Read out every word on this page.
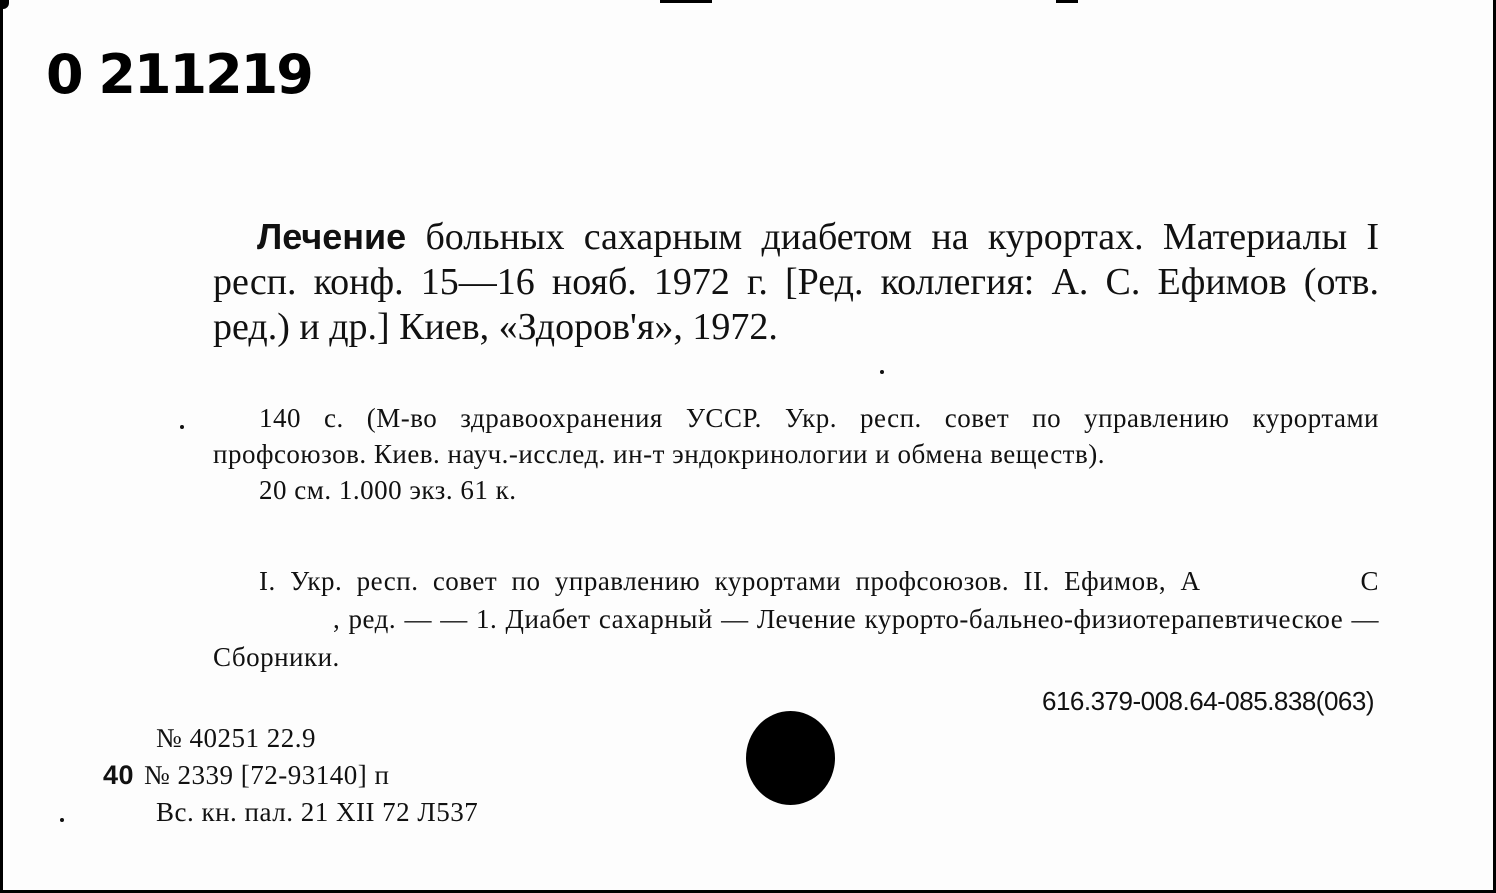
0 211219
Лечение больных сахарным диабетом на курортах. Материалы I респ. конф. 15—16 нояб. 1972 г. [Ред. коллегия: А. С. Ефимов (отв. ред.) и др.] Киев, «Здоров'я», 1972.
140 с. (М-во здравоохранения УССР. Укр. респ. совет по управлению курортами профсоюзов. Киев. науч.-исслед. ин-т эндокринологии и обмена веществ).
20 см. 1.000 экз. 61 к.
I. Укр. респ. совет по управлению курортами профсоюзов. II. Ефимов, А	С, ред. — — 1. Диабет сахарный — Лечение курорто-бальнео-физиотерапевтическое — Сборники.
616.379-008.64-085.838(063)
№ 40251 22.9
40 № 2339 [72-93140] п
Вс. кн. пал. 21 XII 72 Л537
